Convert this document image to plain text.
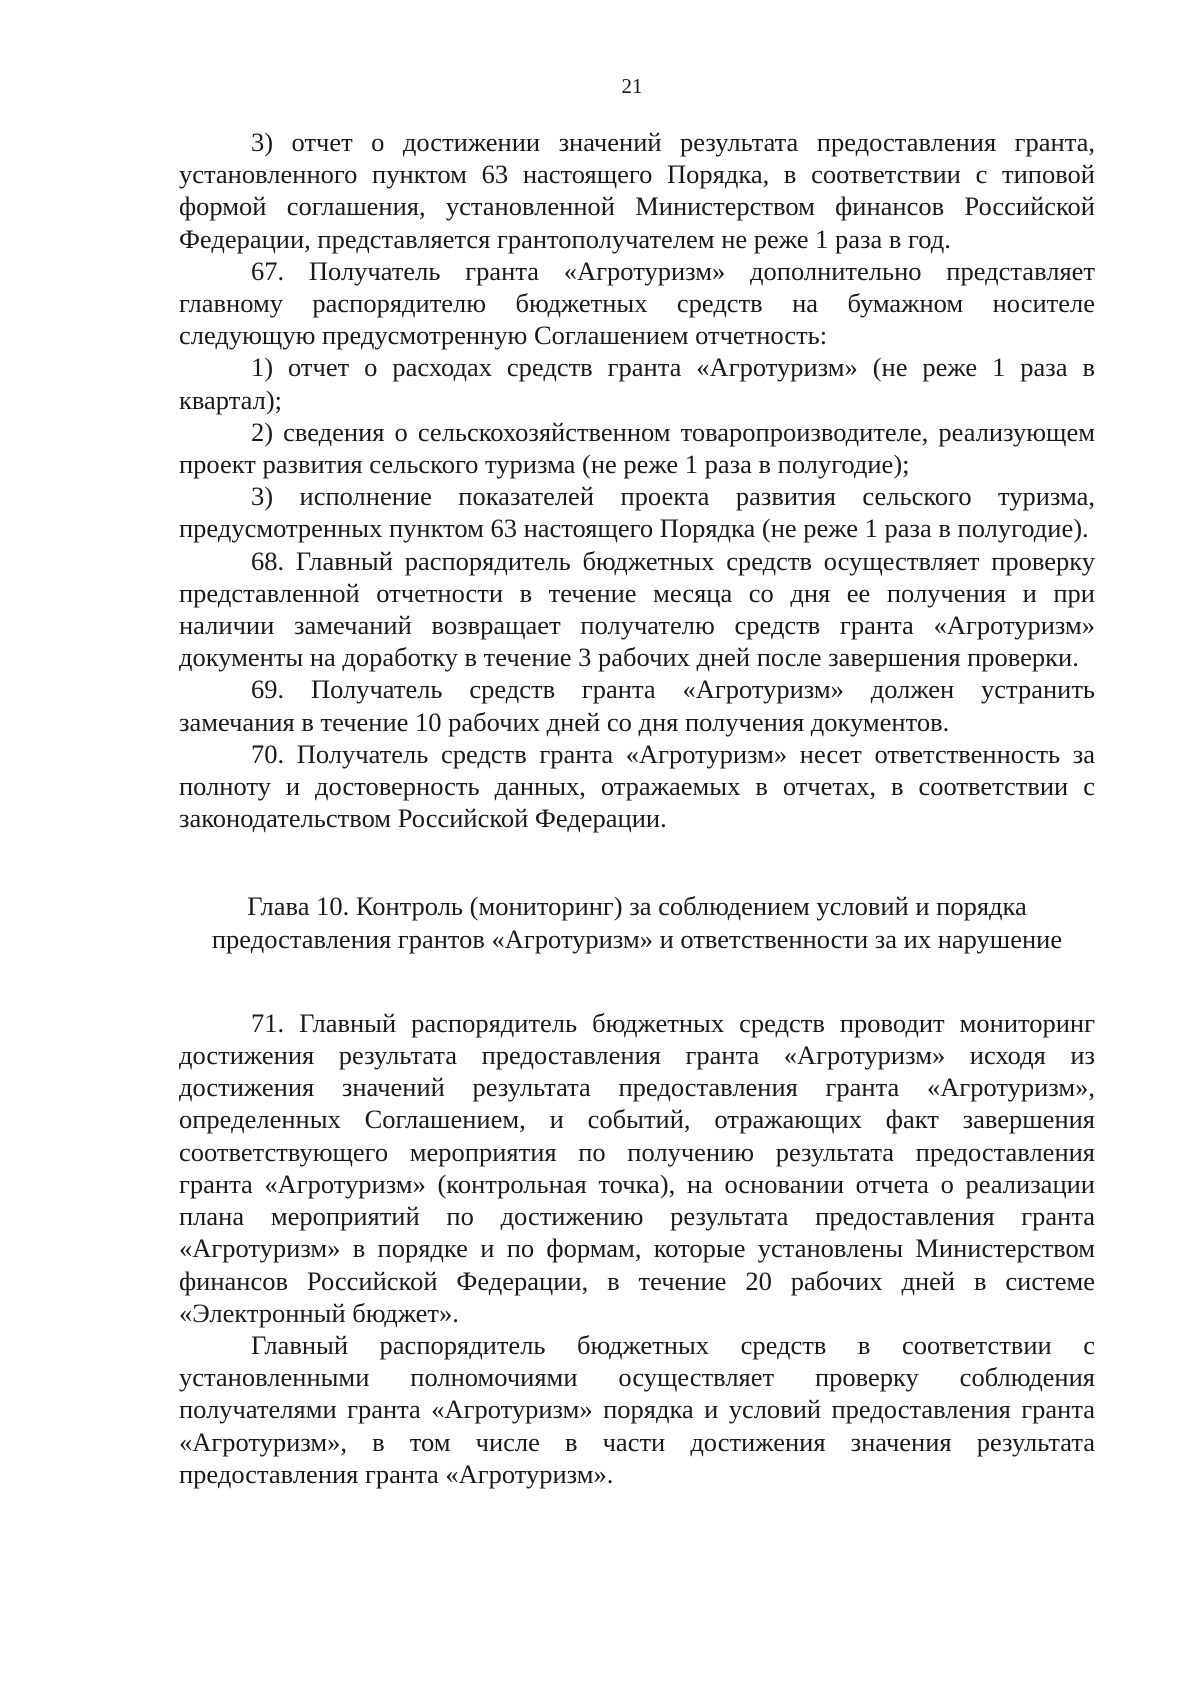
21

3) отчет о достижении значений результата предоставления гранта, установленного пунктом 63 настоящего Порядка, в соответствии с типовой формой соглашения, установленной Министерством финансов Российской Федерации, представляется грантополучателем не реже 1 раза в год.

67. Получатель гранта «Агротуризм» дополнительно представляет главному распорядителю бюджетных средств на бумажном носителе следующую предусмотренную Соглашением отчетность:

1) отчет о расходах средств гранта «Агротуризм» (не реже 1 раза в квартал);

2) сведения о сельскохозяйственном товаропроизводителе, реализующем проект развития сельского туризма (не реже 1 раза в полугодие);

3) исполнение показателей проекта развития сельского туризма, предусмотренных пунктом 63 настоящего Порядка (не реже 1 раза в полугодие).

68. Главный распорядитель бюджетных средств осуществляет проверку представленной отчетности в течение месяца со дня ее получения и при наличии замечаний возвращает получателю средств гранта «Агротуризм» документы на доработку в течение 3 рабочих дней после завершения проверки.

69. Получатель средств гранта «Агротуризм» должен устранить замечания в течение 10 рабочих дней со дня получения документов.

70. Получатель средств гранта «Агротуризм» несет ответственность за полноту и достоверность данных, отражаемых в отчетах, в соответствии с законодательством Российской Федерации.

Глава 10. Контроль (мониторинг) за соблюдением условий и порядка
предоставления грантов «Агротуризм» и ответственности за их нарушение

71. Главный распорядитель бюджетных средств проводит мониторинг достижения результата предоставления гранта «Агротуризм» исходя из достижения значений результата предоставления гранта «Агротуризм», определенных Соглашением, и событий, отражающих факт завершения соответствующего мероприятия по получению результата предоставления гранта «Агротуризм» (контрольная точка), на основании отчета о реализации плана мероприятий по достижению результата предоставления гранта «Агротуризм» в порядке и по формам, которые установлены Министерством финансов Российской Федерации, в течение 20 рабочих дней в системе «Электронный бюджет».

Главный распорядитель бюджетных средств в соответствии с установленными полномочиями осуществляет проверку соблюдения получателями гранта «Агротуризм» порядка и условий предоставления гранта «Агротуризм», в том числе в части достижения значения результата предоставления гранта «Агротуризм».
